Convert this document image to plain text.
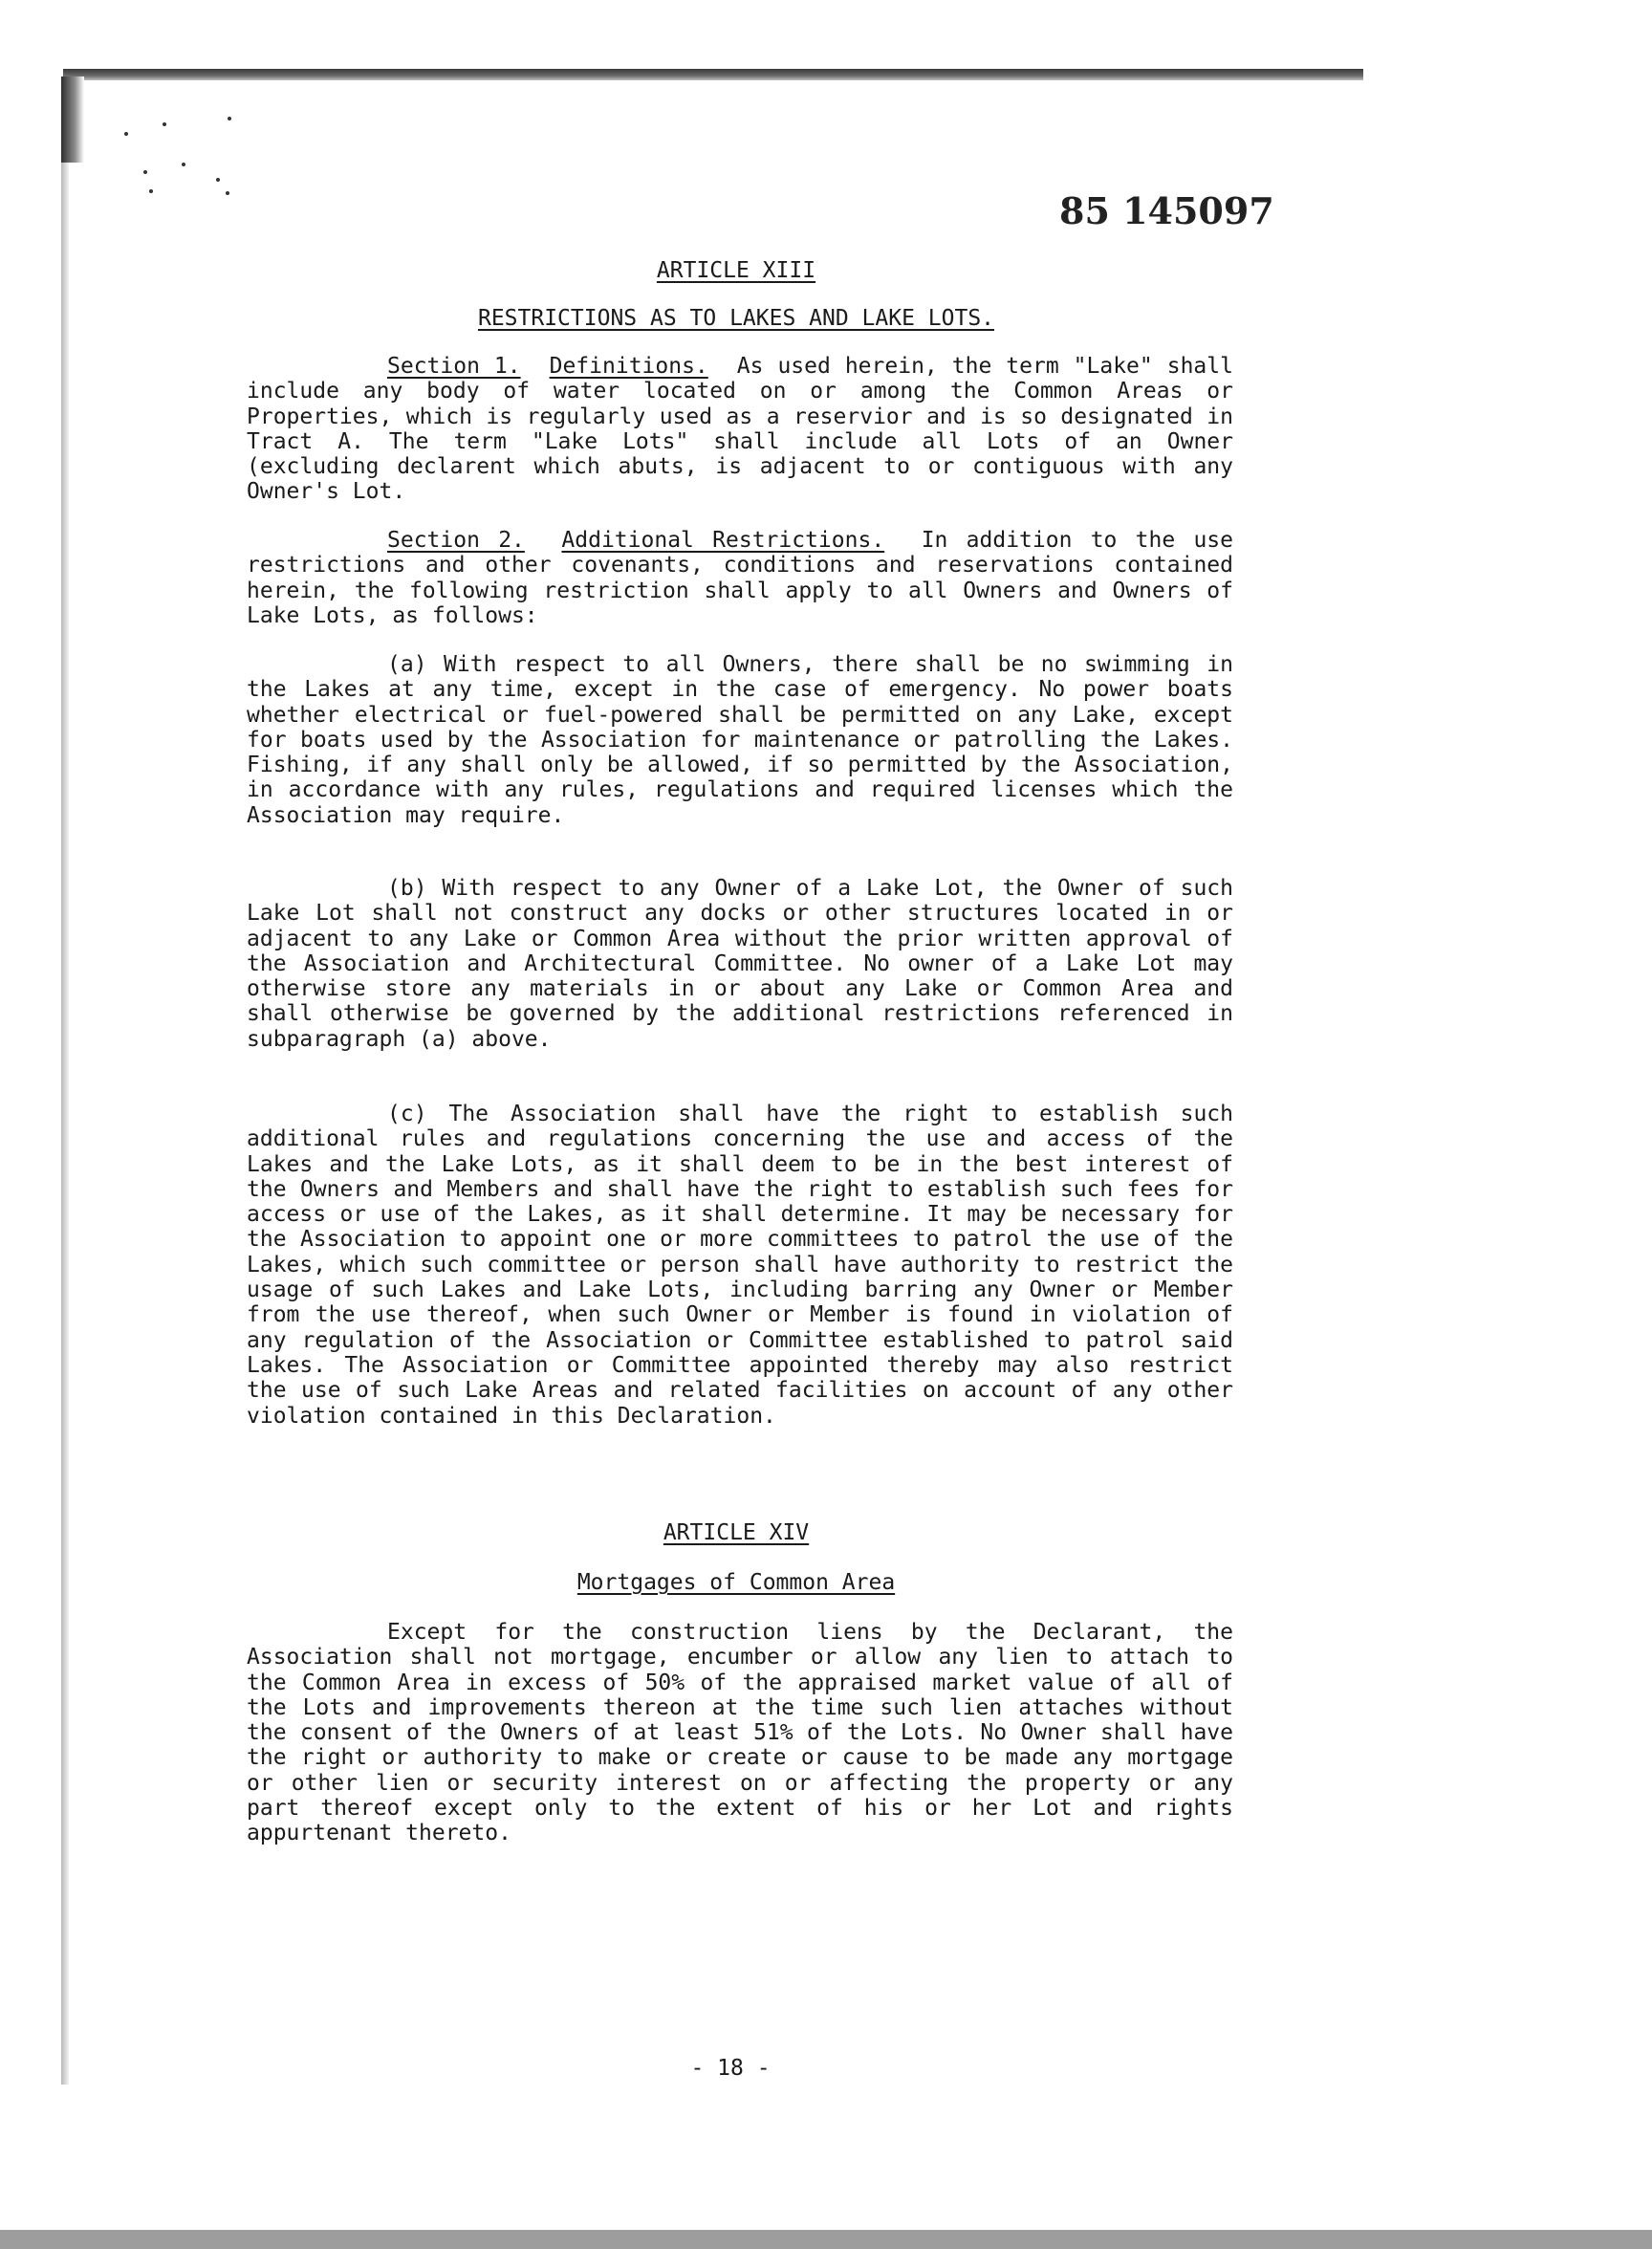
85 145097
ARTICLE XIII
RESTRICTIONS AS TO LAKES AND LAKE LOTS.

Section 1. Definitions. As used herein, the term "Lake" shall include any body of water located on or among the Common Areas or Properties, which is regularly used as a reservior and is so designated in Tract A. The term "Lake Lots" shall include all Lots of an Owner (excluding declarent which abuts, is adjacent to or contiguous with any Owner's Lot.

Section 2. Additional Restrictions. In addition to the use restrictions and other covenants, conditions and reservations contained herein, the following restriction shall apply to all Owners and Owners of Lake Lots, as follows:

(a) With respect to all Owners, there shall be no swimming in the Lakes at any time, except in the case of emergency. No power boats whether electrical or fuel-powered shall be permitted on any Lake, except for boats used by the Association for maintenance or patrolling the Lakes. Fishing, if any shall only be allowed, if so permitted by the Association, in accordance with any rules, regulations and required licenses which the Association may require.

(b) With respect to any Owner of a Lake Lot, the Owner of such Lake Lot shall not construct any docks or other structures located in or adjacent to any Lake or Common Area without the prior written approval of the Association and Architectural Committee. No owner of a Lake Lot may otherwise store any materials in or about any Lake or Common Area and shall otherwise be governed by the additional restrictions referenced in subparagraph (a) above.

(c) The Association shall have the right to establish such additional rules and regulations concerning the use and access of the Lakes and the Lake Lots, as it shall deem to be in the best interest of the Owners and Members and shall have the right to establish such fees for access or use of the Lakes, as it shall determine. It may be necessary for the Association to appoint one or more committees to patrol the use of the Lakes, which such committee or person shall have authority to restrict the usage of such Lakes and Lake Lots, including barring any Owner or Member from the use thereof, when such Owner or Member is found in violation of any regulation of the Association or Committee established to patrol said Lakes. The Association or Committee appointed thereby may also restrict the use of such Lake Areas and related facilities on account of any other violation contained in this Declaration.

ARTICLE XIV
Mortgages of Common Area

Except for the construction liens by the Declarant, the Association shall not mortgage, encumber or allow any lien to attach to the Common Area in excess of 50% of the appraised market value of all of the Lots and improvements thereon at the time such lien attaches without the consent of the Owners of at least 51% of the Lots. No Owner shall have the right or authority to make or create or cause to be made any mortgage or other lien or security interest on or affecting the property or any part thereof except only to the extent of his or her Lot and rights appurtenant thereto.

- 18 -
